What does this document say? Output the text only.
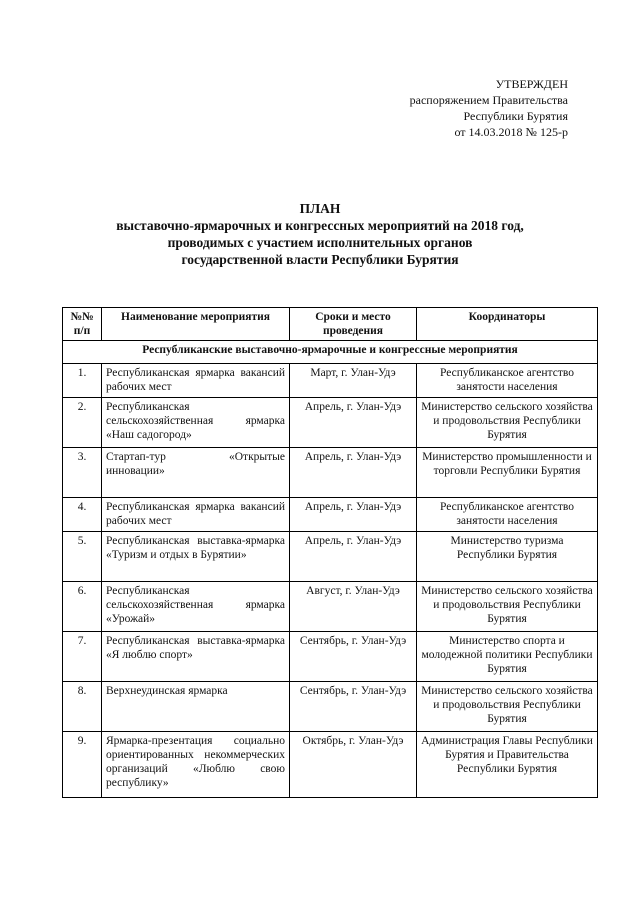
УТВЕРЖДЕН
распоряжением Правительства
Республики Бурятия
от 14.03.2018 № 125-р
ПЛАН
выставочно-ярмарочных и конгрессных мероприятий на 2018 год,
проводимых с участием исполнительных органов
государственной власти Республики Бурятия
№№ п/п	Наименование мероприятия	Сроки и место проведения	Координаторы
Республиканские выставочно-ярмарочные и конгрессные мероприятия			
1.	Республиканская ярмарка вакансий рабочих мест	Март, г. Улан-Удэ	Республиканское агентство занятости населения
2.	Республиканская сельскохозяйственная ярмарка «Наш садогород»	Апрель, г. Улан-Удэ	Министерство сельского хозяйства и продовольствия Республики Бурятия
3.	Стартап-тур «Открытые инновации»	Апрель, г. Улан-Удэ	Министерство промышленности и торговли Республики Бурятия
4.	Республиканская ярмарка вакансий рабочих мест	Апрель, г. Улан-Удэ	Республиканское агентство занятости населения
5.	Республиканская выставка-ярмарка «Туризм и отдых в Бурятии»	Апрель, г. Улан-Удэ	Министерство туризма Республики Бурятия
6.	Республиканская сельскохозяйственная ярмарка «Урожай»	Август, г. Улан-Удэ	Министерство сельского хозяйства и продовольствия Республики Бурятия
7.	Республиканская выставка-ярмарка «Я люблю спорт»	Сентябрь, г. Улан-Удэ	Министерство спорта и молодежной политики Республики Бурятия
8.	Верхнеудинская ярмарка	Сентябрь, г. Улан-Удэ	Министерство сельского хозяйства и продовольствия Республики Бурятия
9.	Ярмарка-презентация социально ориентированных некоммерческих организаций «Люблю свою республику»	Октябрь, г. Улан-Удэ	Администрация Главы Республики Бурятия и Правительства Республики Бурятия
